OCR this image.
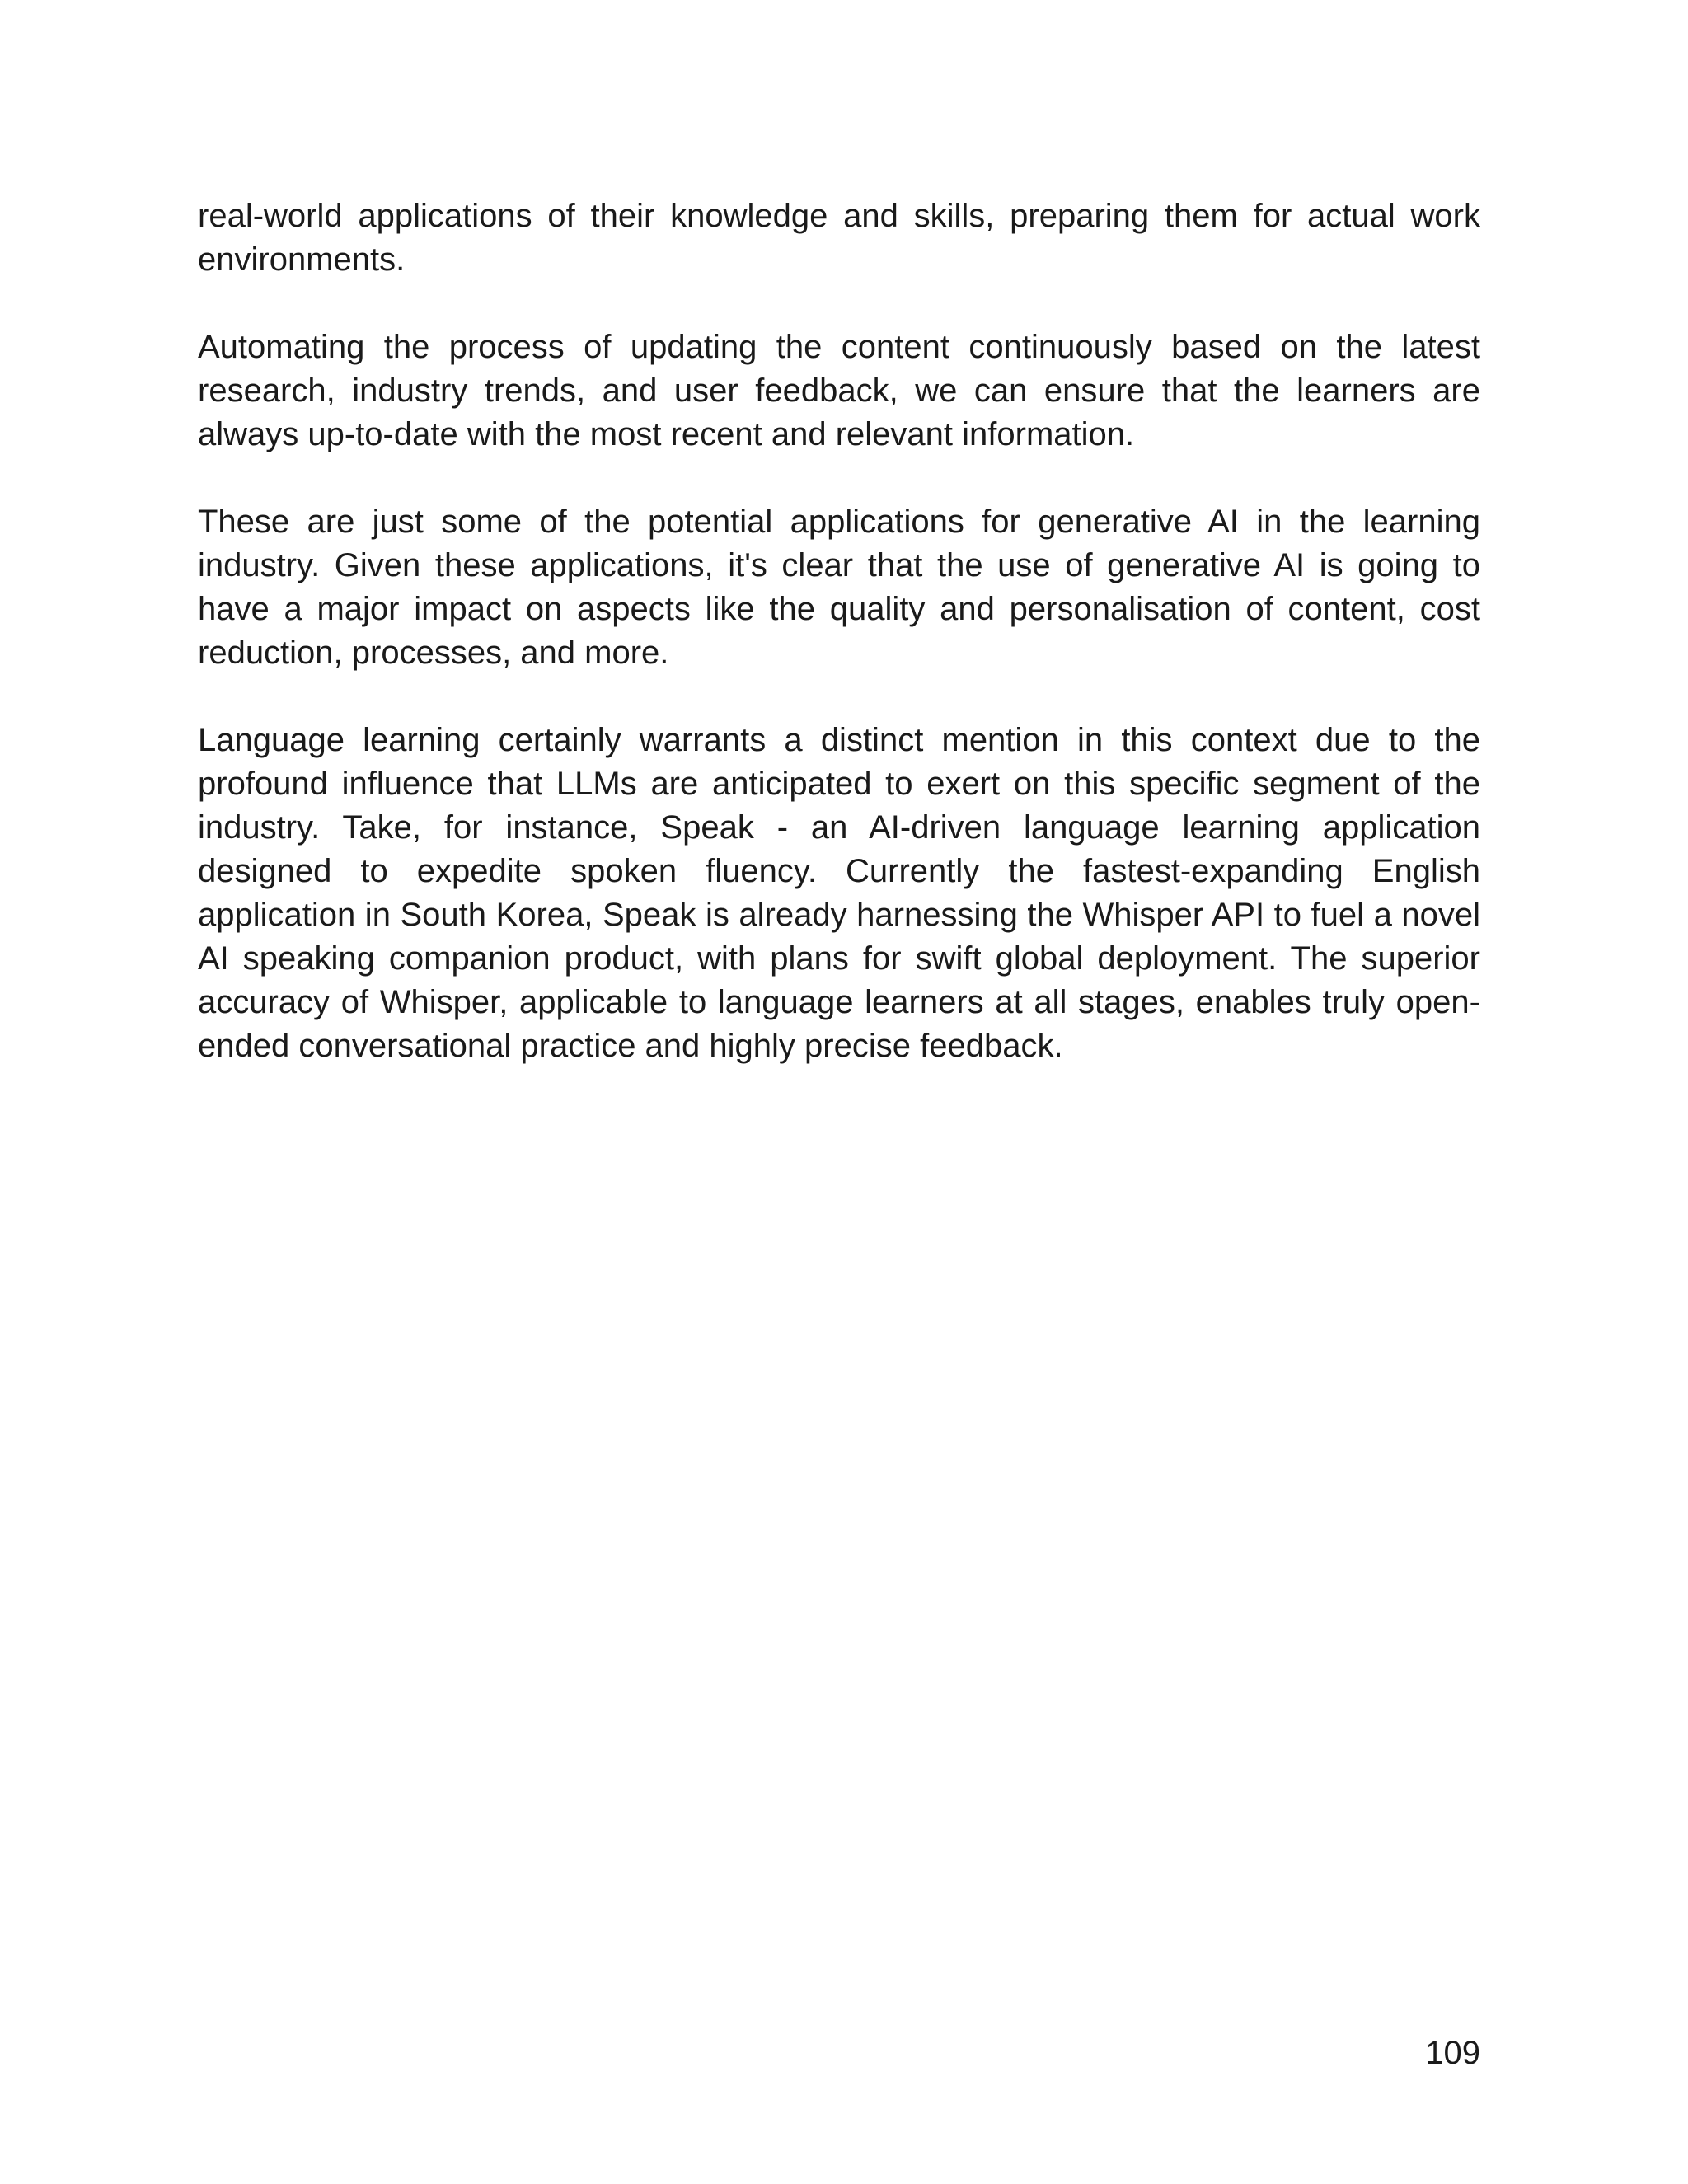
real-world applications of their knowledge and skills, preparing them for actual work environments.

Automating the process of updating the content continuously based on the latest research, industry trends, and user feedback, we can ensure that the learners are always up-to-date with the most recent and relevant information.

These are just some of the potential applications for generative AI in the learning industry. Given these applications, it's clear that the use of generative AI is going to have a major impact on aspects like the quality and personalisation of content, cost reduction, processes, and more.

Language learning certainly warrants a distinct mention in this context due to the profound influence that LLMs are anticipated to exert on this specific segment of the industry. Take, for instance, Speak - an AI-driven language learning application designed to expedite spoken fluency. Currently the fastest-expanding English application in South Korea, Speak is already harnessing the Whisper API to fuel a novel AI speaking companion product, with plans for swift global deployment. The superior accuracy of Whisper, applicable to language learners at all stages, enables truly open-ended conversational practice and highly precise feedback.

109
